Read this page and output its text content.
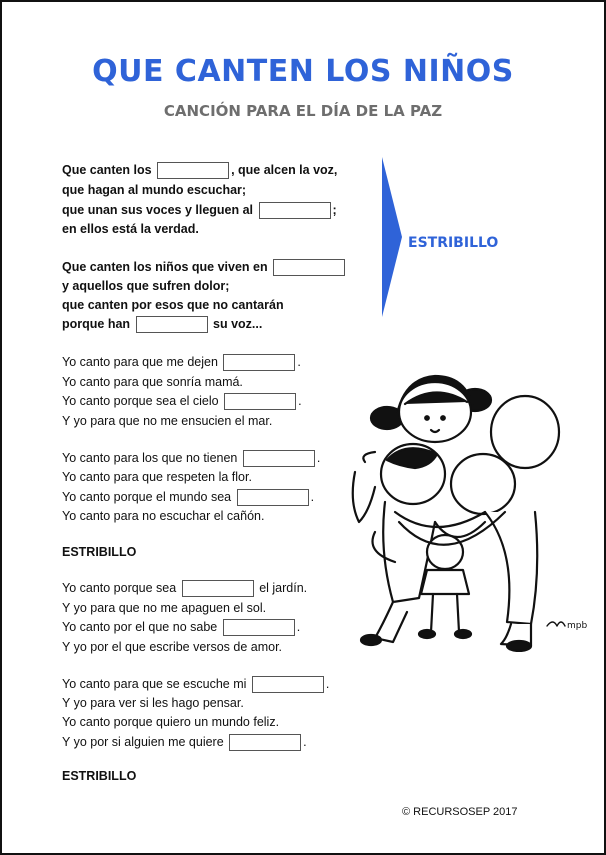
QUE CANTEN LOS NIÑOS
CANCIÓN PARA EL DÍA DE LA PAZ
Que canten los	, que alcen la voz,
que hagan al mundo escuchar;
que unan sus voces y lleguen al	;
en ellos está la verdad.
Que canten los niños que viven en
y aquellos que sufren dolor;
que canten por esos que no cantarán
porque han	su voz...
ESTRIBILLO
Yo canto para que me dejen	.
Yo canto para que sonría mamá.
Yo canto porque sea el cielo	.
Y yo para que no me ensucien el mar.
Yo canto para los que no tienen	.
Yo canto para que respeten la flor.
Yo canto porque el mundo sea	.
Yo canto para no escuchar el cañón.
ESTRIBILLO
Yo canto porque sea	el jardín.
Y yo para que no me apaguen el sol.
Yo canto por el que no sabe	.
Y yo por el que escribe versos de amor.
Yo canto para que se escuche mi	.
Y yo para ver si les hago pensar.
Yo canto porque quiero un mundo feliz.
Y yo por si alguien me quiere	.
ESTRIBILLO
mpb
© RECURSOSEP 2017
